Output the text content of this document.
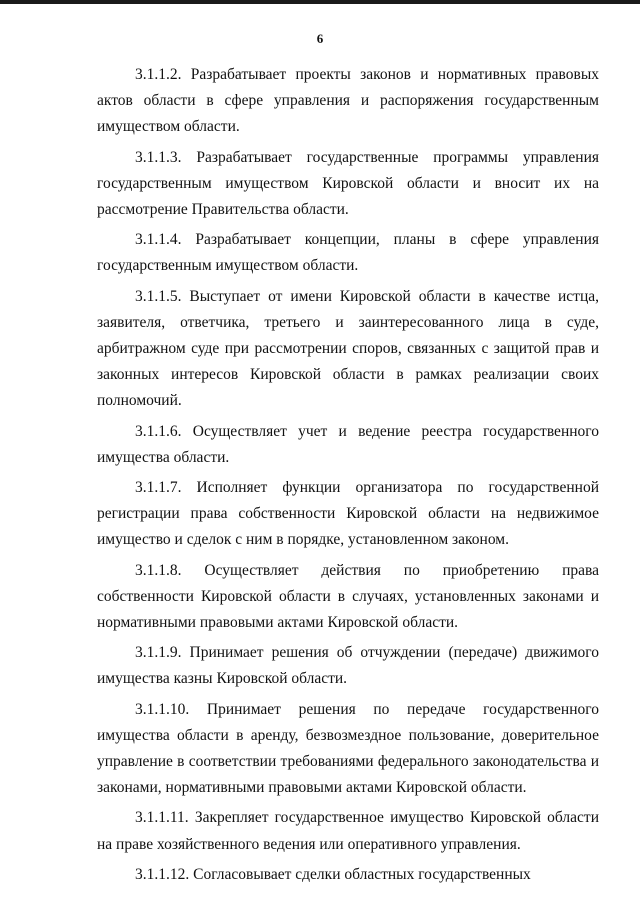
6

3.1.1.2. Разрабатывает проекты законов и нормативных правовых актов области в сфере управления и распоряжения государственным имуществом области.

3.1.1.3. Разрабатывает государственные программы управления государственным имуществом Кировской области и вносит их на рассмотрение Правительства области.

3.1.1.4. Разрабатывает концепции, планы в сфере управления государственным имуществом области.

3.1.1.5. Выступает от имени Кировской области в качестве истца, заявителя, ответчика, третьего и заинтересованного лица в суде, арбитражном суде при рассмотрении споров, связанных с защитой прав и законных интересов Кировской области в рамках реализации своих полномочий.

3.1.1.6. Осуществляет учет и ведение реестра государственного имущества области.

3.1.1.7. Исполняет функции организатора по государственной регистрации права собственности Кировской области на недвижимое имущество и сделок с ним в порядке, установленном законом.

3.1.1.8. Осуществляет действия по приобретению права собственности Кировской области в случаях, установленных законами и нормативными правовыми актами Кировской области.

3.1.1.9. Принимает решения об отчуждении (передаче) движимого имущества казны Кировской области.

3.1.1.10. Принимает решения по передаче государственного имущества области в аренду, безвозмездное пользование, доверительное управление в соответствии требованиями федерального законодательства и законами, нормативными правовыми актами Кировской области.

3.1.1.11. Закрепляет государственное имущество Кировской области на праве хозяйственного ведения или оперативного управления.

3.1.1.12. Согласовывает сделки областных государственных
